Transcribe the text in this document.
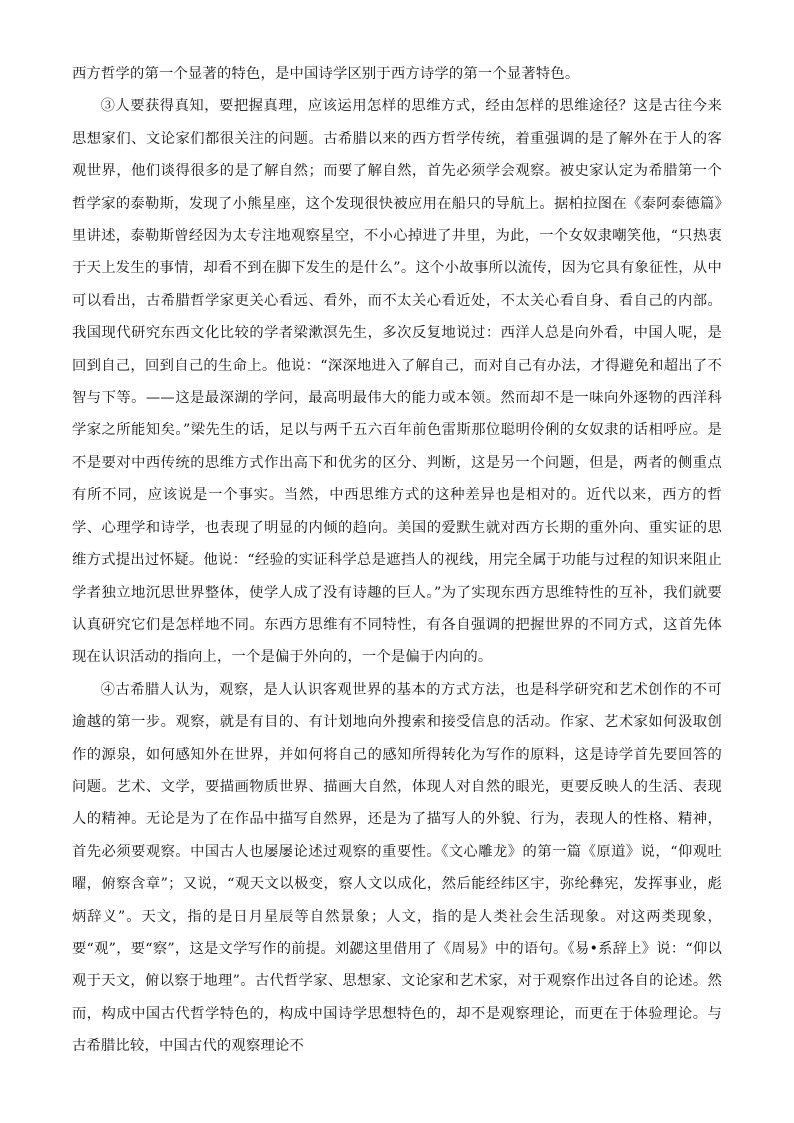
西方哲学的第一个显著的特色，是中国诗学区别于西方诗学的第一个显著特色。

③人要获得真知，要把握真理，应该运用怎样的思维方式，经由怎样的思维途径？这是古往今来思想家们、文论家们都很关注的问题。古希腊以来的西方哲学传统，着重强调的是了解外在于人的客观世界，他们谈得很多的是了解自然；而要了解自然，首先必须学会观察。被史家认定为希腊第一个哲学家的泰勒斯，发现了小熊星座，这个发现很快被应用在船只的导航上。据柏拉图在《泰阿泰德篇》里讲述，泰勒斯曾经因为太专注地观察星空，不小心掉进了井里，为此，一个女奴隶嘲笑他，“只热衷于天上发生的事情，却看不到在脚下发生的是什么”。这个小故事所以流传，因为它具有象征性，从中可以看出，古希腊哲学家更关心看远、看外，而不太关心看近处，不太关心看自身、看自己的内部。我国现代研究东西文化比较的学者梁漱溟先生，多次反复地说过：西洋人总是向外看，中国人呢，是回到自己，回到自己的生命上。他说：“深深地进入了解自己，而对自己有办法，才得避免和超出了不智与下等。——这是最深湖的学问，最高明最伟大的能力或本领。然而却不是一味向外逐物的西洋科学家之所能知矣。”梁先生的话，足以与两千五六百年前色雷斯那位聪明伶俐的女奴隶的话相呼应。是不是要对中西传统的思维方式作出高下和优劣的区分、判断，这是另一个问题，但是，两者的侧重点有所不同，应该说是一个事实。当然，中西思维方式的这种差异也是相对的。近代以来，西方的哲学、心理学和诗学，也表现了明显的内倾的趋向。美国的爱默生就对西方长期的重外向、重实证的思维方式提出过怀疑。他说：“经验的实证科学总是遮挡人的视线，用完全属于功能与过程的知识来阻止学者独立地沉思世界整体，使学人成了没有诗趣的巨人。”为了实现东西方思维特性的互补，我们就要认真研究它们是怎样地不同。东西方思维有不同特性，有各自强调的把握世界的不同方式，这首先体现在认识活动的指向上，一个是偏于外向的，一个是偏于内向的。

④古希腊人认为，观察，是人认识客观世界的基本的方式方法，也是科学研究和艺术创作的不可逾越的第一步。观察，就是有目的、有计划地向外搜索和接受信息的活动。作家、艺术家如何汲取创作的源泉，如何感知外在世界，并如何将自己的感知所得转化为写作的原料，这是诗学首先要回答的问题。艺术、文学，要描画物质世界、描画大自然，体现人对自然的眼光，更要反映人的生活、表现人的精神。无论是为了在作品中描写自然界，还是为了描写人的外貌、行为，表现人的性格、精神，首先必须要观察。中国古人也屡屡论述过观察的重要性。《文心雕龙》的第一篇《原道》说，“仰观吐曜，俯察含章”；又说，“观天文以极变，察人文以成化，然后能经纬区宇，弥纶彝宪，发挥事业，彪炳辞义”。天文，指的是日月星辰等自然景象；人文，指的是人类社会生活现象。对这两类现象，要“观”，要“察”，这是文学写作的前提。刘勰这里借用了《周易》中的语句。《易•系辞上》说：“仰以观于天文，俯以察于地理”。古代哲学家、思想家、文论家和艺术家，对于观察作出过各自的论述。然而，构成中国古代哲学特色的，构成中国诗学思想特色的，却不是观察理论，而更在于体验理论。与古希腊比较，中国古代的观察理论不
